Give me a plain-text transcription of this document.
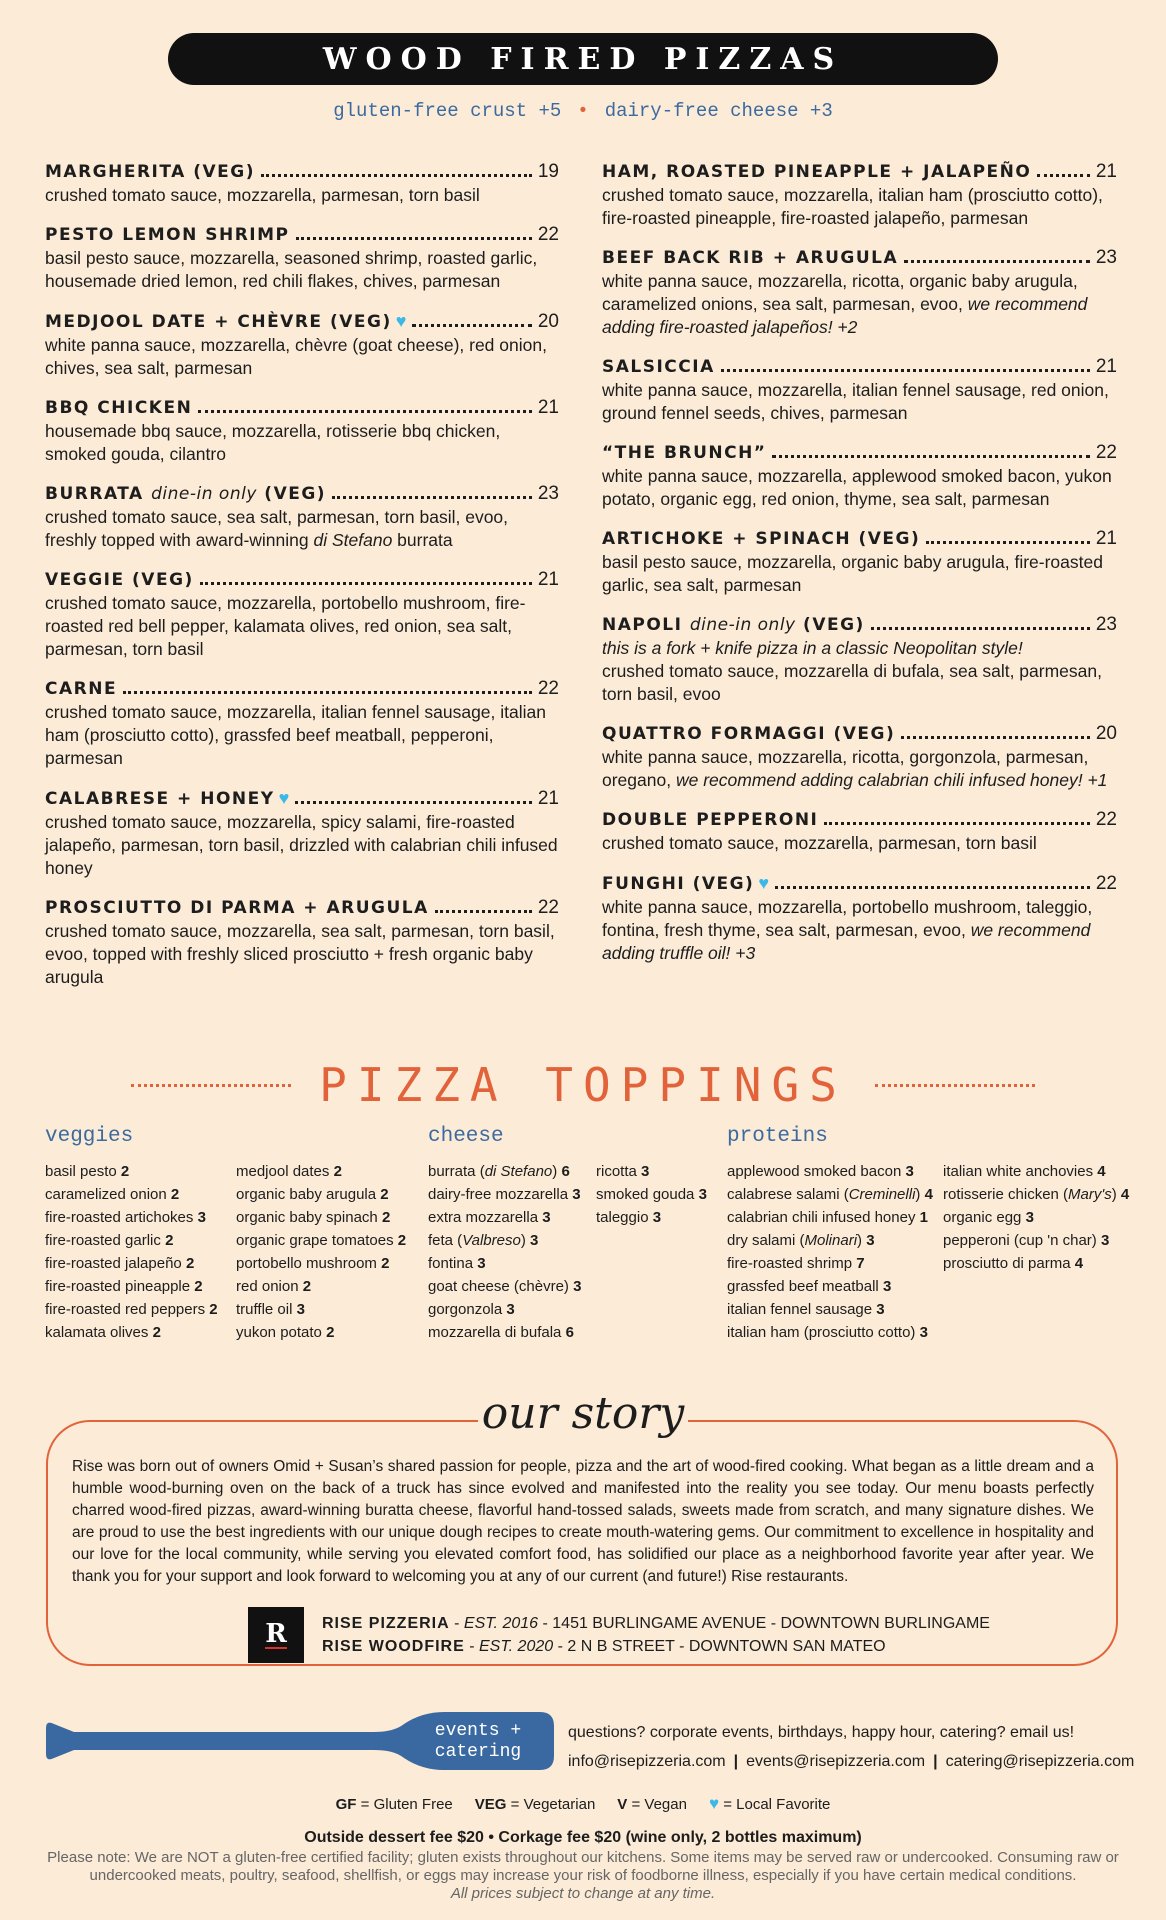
WOOD FIRED PIZZAS
gluten-free crust +5 • dairy-free cheese +3
MARGHERITA (VEG)	19
crushed tomato sauce, mozzarella, parmesan, torn basil
PESTO LEMON SHRIMP	22
basil pesto sauce, mozzarella, seasoned shrimp, roasted garlic, housemade dried lemon, red chili flakes, chives, parmesan
MEDJOOL DATE + CHÈVRE (VEG) ♥	20
white panna sauce, mozzarella, chèvre (goat cheese), red onion, chives, sea salt, parmesan
BBQ CHICKEN	21
housemade bbq sauce, mozzarella, rotisserie bbq chicken, smoked gouda, cilantro
BURRATA dine-in only (VEG)	23
crushed tomato sauce, sea salt, parmesan, torn basil, evoo, freshly topped with award-winning di Stefano burrata
VEGGIE (VEG)	21
crushed tomato sauce, mozzarella, portobello mushroom, fire-roasted red bell pepper, kalamata olives, red onion, sea salt, parmesan, torn basil
CARNE	22
crushed tomato sauce, mozzarella, italian fennel sausage, italian ham (prosciutto cotto), grassfed beef meatball, pepperoni, parmesan
CALABRESE + HONEY ♥	21
crushed tomato sauce, mozzarella, spicy salami, fire-roasted jalapeño, parmesan, torn basil, drizzled with calabrian chili infused honey
PROSCIUTTO DI PARMA + ARUGULA	22
crushed tomato sauce, mozzarella, sea salt, parmesan, torn basil, evoo, topped with freshly sliced prosciutto + fresh organic baby arugula
HAM, ROASTED PINEAPPLE + JALAPEÑO	21
crushed tomato sauce, mozzarella, italian ham (prosciutto cotto), fire-roasted pineapple, fire-roasted jalapeño, parmesan
BEEF BACK RIB + ARUGULA	23
white panna sauce, mozzarella, ricotta, organic baby arugula, caramelized onions, sea salt, parmesan, evoo, we recommend adding fire-roasted jalapeños! +2
SALSICCIA	21
white panna sauce, mozzarella, italian fennel sausage, red onion, ground fennel seeds, chives, parmesan
“THE BRUNCH”	22
white panna sauce, mozzarella, applewood smoked bacon, yukon potato, organic egg, red onion, thyme, sea salt, parmesan
ARTICHOKE + SPINACH (VEG)	21
basil pesto sauce, mozzarella, organic baby arugula, fire-roasted garlic, sea salt, parmesan
NAPOLI dine-in only (VEG)	23
this is a fork + knife pizza in a classic Neopolitan style!
crushed tomato sauce, mozzarella di bufala, sea salt, parmesan, torn basil, evoo
QUATTRO FORMAGGI (VEG)	20
white panna sauce, mozzarella, ricotta, gorgonzola, parmesan, oregano, we recommend adding calabrian chili infused honey! +1
DOUBLE PEPPERONI	22
crushed tomato sauce, mozzarella, parmesan, torn basil
FUNGHI (VEG) ♥	22
white panna sauce, mozzarella, portobello mushroom, taleggio, fontina, fresh thyme, sea salt, parmesan, evoo, we recommend adding truffle oil! +3
PIZZA TOPPINGS
veggies	cheese	proteins
basil pesto 2
caramelized onion 2
fire-roasted artichokes 3
fire-roasted garlic 2
fire-roasted jalapeño 2
fire-roasted pineapple 2
fire-roasted red peppers 2
kalamata olives 2
medjool dates 2
organic baby arugula 2
organic baby spinach 2
organic grape tomatoes 2
portobello mushroom 2
red onion 2
truffle oil 3
yukon potato 2
burrata (di Stefano) 6
dairy-free mozzarella 3
extra mozzarella 3
feta (Valbreso) 3
fontina 3
goat cheese (chèvre) 3
gorgonzola 3
mozzarella di bufala 6
ricotta 3
smoked gouda 3
taleggio 3
applewood smoked bacon 3
calabrese salami (Creminelli) 4
calabrian chili infused honey 1
dry salami (Molinari) 3
fire-roasted shrimp 7
grassfed beef meatball 3
italian fennel sausage 3
italian ham (prosciutto cotto) 3
italian white anchovies 4
rotisserie chicken (Mary's) 4
organic egg 3
pepperoni (cup 'n char) 3
prosciutto di parma 4
our story
Rise was born out of owners Omid + Susan’s shared passion for people, pizza and the art of wood-fired cooking. What began as a little dream and a humble wood-burning oven on the back of a truck has since evolved and manifested into the reality you see today. Our menu boasts perfectly charred wood-fired pizzas, award-winning buratta cheese, flavorful hand-tossed salads, sweets made from scratch, and many signature dishes. We are proud to use the best ingredients with our unique dough recipes to create mouth-watering gems. Our commitment to excellence in hospitality and our love for the local community, while serving you elevated comfort food, has solidified our place as a neighborhood favorite year after year. We thank you for your support and look forward to welcoming you at any of our current (and future!) Rise restaurants.
R RISE PIZZERIA - EST. 2016 - 1451 BURLINGAME AVENUE - DOWNTOWN BURLINGAME
RISE WOODFIRE - EST. 2020 - 2 N B STREET - DOWNTOWN SAN MATEO
events +
catering
questions? corporate events, birthdays, happy hour, catering? email us!
info@risepizzeria.com | events@risepizzeria.com | catering@risepizzeria.com
GF = Gluten Free VEG = Vegetarian V = Vegan ♥ = Local Favorite
Outside dessert fee $20 • Corkage fee $20 (wine only, 2 bottles maximum)
Please note: We are NOT a gluten-free certified facility; gluten exists throughout our kitchens. Some items may be served raw or undercooked. Consuming raw or undercooked meats, poultry, seafood, shellfish, or eggs may increase your risk of foodborne illness, especially if you have certain medical conditions.
All prices subject to change at any time.
